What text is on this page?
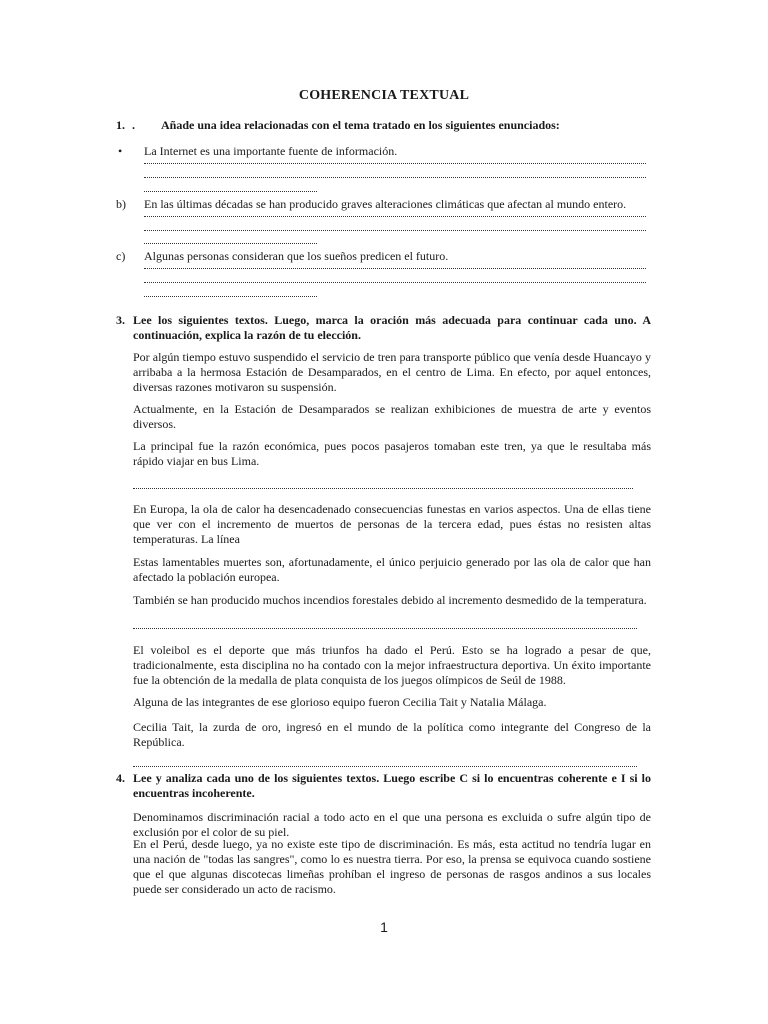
COHERENCIA TEXTUAL
1. . Añade una idea relacionadas con el tema tratado en los siguientes enunciados:
• La Internet es una importante fuente de información.
b) En las últimas décadas se han producido graves alteraciones climáticas que afectan al mundo entero.
c) Algunas personas consideran que los sueños predicen el futuro.
3. Lee los siguientes textos. Luego, marca la oración más adecuada para continuar cada uno. A continuación, explica la razón de tu elección.
Por algún tiempo estuvo suspendido el servicio de tren para transporte público que venía desde Huancayo y arribaba a la hermosa Estación de Desamparados, en el centro de Lima. En efecto, por aquel entonces, diversas razones motivaron su suspensión.
Actualmente, en la Estación de Desamparados se realizan exhibiciones de muestra de arte y eventos diversos.
La principal fue la razón económica, pues pocos pasajeros tomaban este tren, ya que le resultaba más rápido viajar en bus Lima.
En Europa, la ola de calor ha desencadenado consecuencias funestas en varios aspectos. Una de ellas tiene que ver con el incremento de muertos de personas de la tercera edad, pues éstas no resisten altas temperaturas. La línea
Estas lamentables muertes son, afortunadamente, el único perjuicio generado por las ola de calor que han afectado la población europea.
También se han producido muchos incendios forestales debido al incremento desmedido de la temperatura.
El voleibol es el deporte que más triunfos ha dado el Perú. Esto se ha logrado a pesar de que, tradicionalmente, esta disciplina no ha contado con la mejor infraestructura deportiva. Un éxito importante fue la obtención de la medalla de plata conquista de los juegos olímpicos de Seúl de 1988.
Alguna de las integrantes de ese glorioso equipo fueron Cecilia Tait y Natalia Málaga.
Cecilia Tait, la zurda de oro, ingresó en el mundo de la política como integrante del Congreso de la República.
4. Lee y analiza cada uno de los siguientes textos. Luego escribe C si lo encuentras coherente e I si lo encuentras incoherente.
Denominamos discriminación racial a todo acto en el que una persona es excluida o sufre algún tipo de exclusión por el color de su piel.
En el Perú, desde luego, ya no existe este tipo de discriminación. Es más, esta actitud no tendría lugar en una nación de "todas las sangres", como lo es nuestra tierra. Por eso, la prensa se equivoca cuando sostiene que el que algunas discotecas limeñas prohíban el ingreso de personas de rasgos andinos a sus locales puede ser considerado un acto de racismo.
1
